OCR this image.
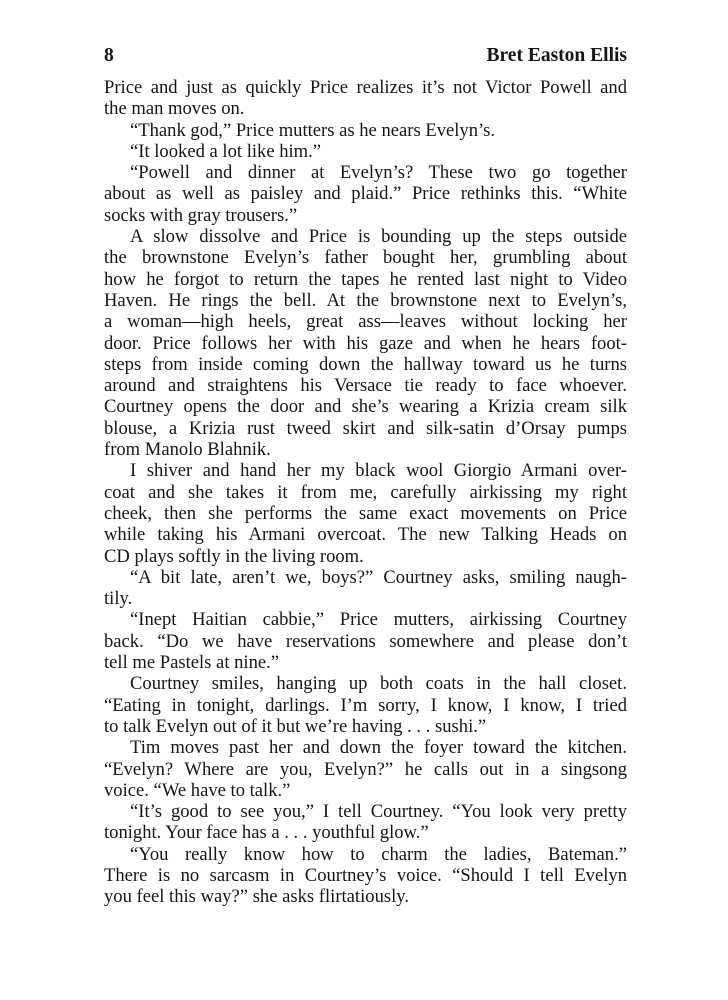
8	Bret Easton Ellis
Price and just as quickly Price realizes it’s not Victor Powell and
the man moves on.
“Thank god,” Price mutters as he nears Evelyn’s.
“It looked a lot like him.”
“Powell and dinner at Evelyn’s? These two go together
about as well as paisley and plaid.” Price rethinks this. “White
socks with gray trousers.”
A slow dissolve and Price is bounding up the steps outside
the brownstone Evelyn’s father bought her, grumbling about
how he forgot to return the tapes he rented last night to Video
Haven. He rings the bell. At the brownstone next to Evelyn’s,
a woman—high heels, great ass—leaves without locking her
door. Price follows her with his gaze and when he hears foot-
steps from inside coming down the hallway toward us he turns
around and straightens his Versace tie ready to face whoever.
Courtney opens the door and she’s wearing a Krizia cream silk
blouse, a Krizia rust tweed skirt and silk-satin d’Orsay pumps
from Manolo Blahnik.
I shiver and hand her my black wool Giorgio Armani over-
coat and she takes it from me, carefully airkissing my right
cheek, then she performs the same exact movements on Price
while taking his Armani overcoat. The new Talking Heads on
CD plays softly in the living room.
“A bit late, aren’t we, boys?” Courtney asks, smiling naugh-
tily.
“Inept Haitian cabbie,” Price mutters, airkissing Courtney
back. “Do we have reservations somewhere and please don’t
tell me Pastels at nine.”
Courtney smiles, hanging up both coats in the hall closet.
“Eating in tonight, darlings. I’m sorry, I know, I know, I tried
to talk Evelyn out of it but we’re having . . . sushi.”
Tim moves past her and down the foyer toward the kitchen.
“Evelyn? Where are you, Evelyn?” he calls out in a singsong
voice. “We have to talk.”
“It’s good to see you,” I tell Courtney. “You look very pretty
tonight. Your face has a . . . youthful glow.”
“You really know how to charm the ladies, Bateman.”
There is no sarcasm in Courtney’s voice. “Should I tell Evelyn
you feel this way?” she asks flirtatiously.
